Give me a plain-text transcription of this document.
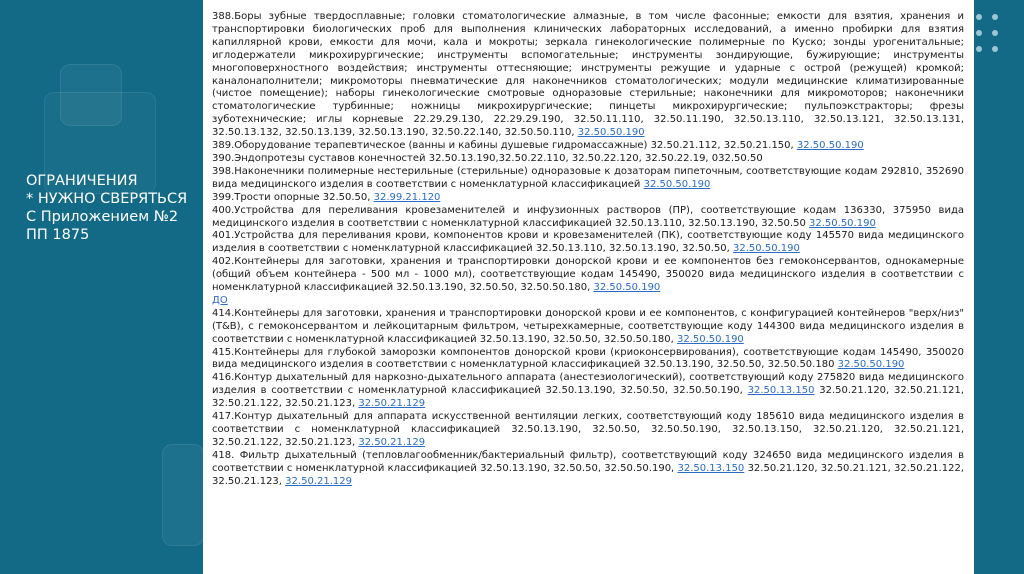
ОГРАНИЧЕНИЯ
* НУЖНО СВЕРЯТЬСЯ
С Приложением №2
ПП 1875
388.Боры зубные твердосплавные; головки стоматологические алмазные, в том числе фасонные; емкости для взятия, хранения и транспортировки биологических проб для выполнения клинических лабораторных исследований, а именно пробирки для взятия капиллярной крови, емкости для мочи, кала и мокроты; зеркала гинекологические полимерные по Куско; зонды урогенитальные; иглодержатели микрохирургические; инструменты вспомогательные; инструменты зондирующие, бужирующие; инструменты многоповерхностного воздействия; инструменты оттесняющие; инструменты режущие и ударные с острой (режущей) кромкой; каналонаполнители; микромоторы пневматические для наконечников стоматологических; модули медицинские климатизированные (чистое помещение); наборы гинекологические смотровые одноразовые стерильные; наконечники для микромоторов; наконечники стоматологические турбинные; ножницы микрохирургические; пинцеты микрохирургические; пульпоэкстракторы; фрезы зуботехнические; иглы корневые 22.29.29.130, 22.29.29.190, 32.50.11.110, 32.50.11.190, 32.50.13.110, 32.50.13.121, 32.50.13.131, 32.50.13.132, 32.50.13.139, 32.50.13.190, 32.50.22.140, 32.50.50.110, 32.50.50.190
389.Оборудование терапевтическое (ванны и кабины душевые гидромассажные) 32.50.21.112, 32.50.21.150, 32.50.50.190
390.Эндопротезы суставов конечностей 32.50.13.190,32.50.22.110, 32.50.22.120, 32.50.22.19, 032.50.50
398.Наконечники полимерные нестерильные (стерильные) одноразовые к дозаторам пипеточным, соответствующие кодам 292810, 352690 вида медицинского изделия в соответствии с номенклатурной классификацией 32.50.50.190
399.Трости опорные 32.50.50, 32.99.21.120
400.Устройства для переливания кровезаменителей и инфузионных растворов (ПР), соответствующие кодам 136330, 375950 вида медицинского изделия в соответствии с номенклатурной классификацией 32.50.13.110, 32.50.13.190, 32.50.50 32.50.50.190
401.Устройства для переливания крови, компонентов крови и кровезаменителей (ПК), соответствующие коду 145570 вида медицинского изделия в соответствии с номенклатурной классификацией 32.50.13.110, 32.50.13.190, 32.50.50, 32.50.50.190
402.Контейнеры для заготовки, хранения и транспортировки донорской крови и ее компонентов без гемоконсервантов, однокамерные (общий объем контейнера - 500 мл - 1000 мл), соответствующие кодам 145490, 350020 вида медицинского изделия в соответствии с номенклатурной классификацией 32.50.13.190, 32.50.50, 32.50.50.180, 32.50.50.190
ДО
414.Контейнеры для заготовки, хранения и транспортировки донорской крови и ее компонентов, с конфигурацией контейнеров "верх/низ" (T&B), с гемоконсервантом и лейкоцитарным фильтром, четырехкамерные, соответствующие коду 144300 вида медицинского изделия в соответствии с номенклатурной классификацией 32.50.13.190, 32.50.50, 32.50.50.180, 32.50.50.190
415.Контейнеры для глубокой заморозки компонентов донорской крови (криоконсервирования), соответствующие кодам 145490, 350020 вида медицинского изделия в соответствии с номенклатурной классификацией 32.50.13.190, 32.50.50, 32.50.50.180 32.50.50.190
416.Контур дыхательный для наркозно-дыхательного аппарата (анестезиологический), соответствующий коду 275820 вида медицинского изделия в соответствии с номенклатурной классификацией 32.50.13.190, 32.50.50, 32.50.50.190, 32.50.13.150 32.50.21.120, 32.50.21.121, 32.50.21.122, 32.50.21.123, 32.50.21.129
417.Контур дыхательный для аппарата искусственной вентиляции легких, соответствующий коду 185610 вида медицинского изделия в соответствии с номенклатурной классификацией 32.50.13.190, 32.50.50, 32.50.50.190, 32.50.13.150, 32.50.21.120, 32.50.21.121, 32.50.21.122, 32.50.21.123, 32.50.21.129
418. Фильтр дыхательный (тепловлагообменник/бактериальный фильтр), соответствующий коду 324650 вида медицинского изделия в соответствии с номенклатурной классификацией 32.50.13.190, 32.50.50, 32.50.50.190, 32.50.13.150 32.50.21.120, 32.50.21.121, 32.50.21.122, 32.50.21.123, 32.50.21.129
